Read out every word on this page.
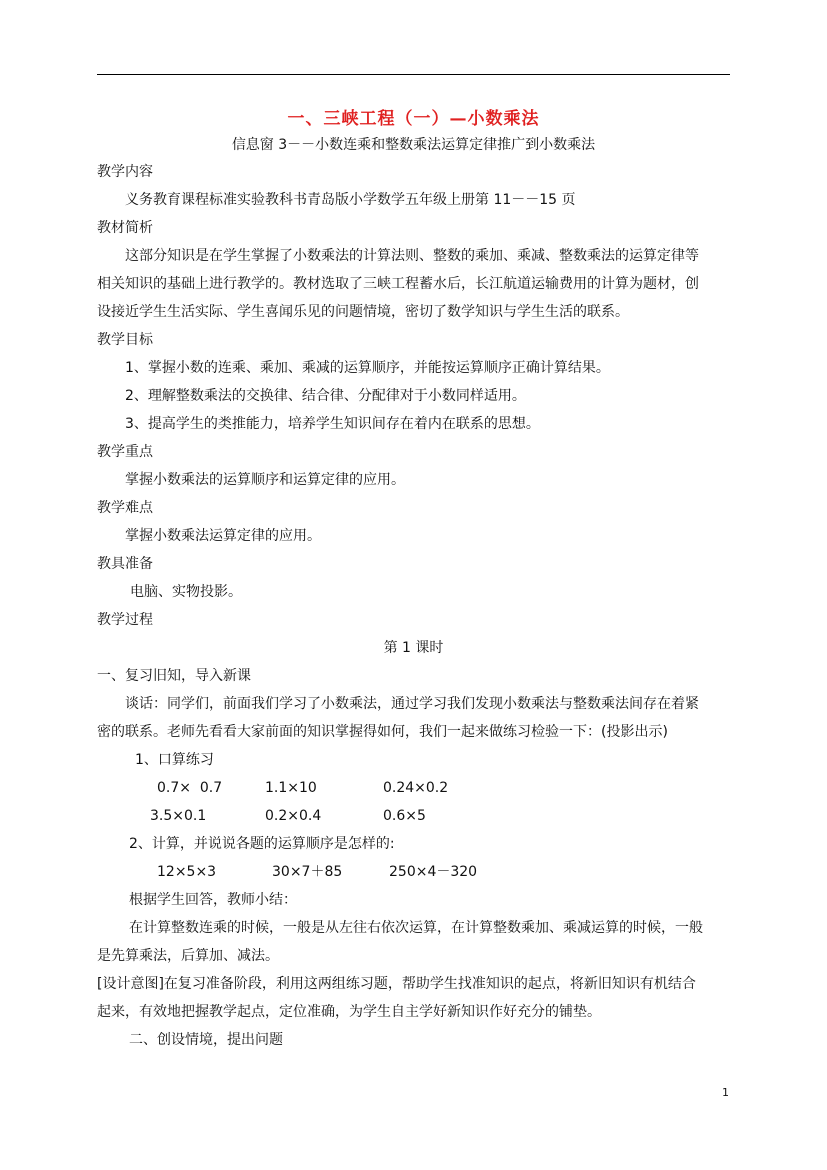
一、三峡工程（一）—小数乘法
信息窗 3－－小数连乘和整数乘法运算定律推广到小数乘法
教学内容
义务教育课程标准实验教科书青岛版小学数学五年级上册第 11－－15 页
教材简析
这部分知识是在学生掌握了小数乘法的计算法则、整数的乘加、乘减、整数乘法的运算定律等
相关知识的基础上进行教学的。教材选取了三峡工程蓄水后，长江航道运输费用的计算为题材，创
设接近学生生活实际、学生喜闻乐见的问题情境，密切了数学知识与学生生活的联系。
教学目标
1、掌握小数的连乘、乘加、乘减的运算顺序，并能按运算顺序正确计算结果。
2、理解整数乘法的交换律、结合律、分配律对于小数同样适用。
3、提高学生的类推能力，培养学生知识间存在着内在联系的思想。
教学重点
掌握小数乘法的运算顺序和运算定律的应用。
教学难点
掌握小数乘法运算定律的应用。
教具准备
电脑、实物投影。
教学过程
第 1 课时
一、复习旧知，导入新课
谈话：同学们，前面我们学习了小数乘法，通过学习我们发现小数乘法与整数乘法间存在着紧
密的联系。老师先看看大家前面的知识掌握得如何，我们一起来做练习检验一下：(投影出示)
1、口算练习
0.7×  0.7	1.1×10	0.24×0.2
3.5×0.1	0.2×0.4	0.6×5
2、计算，并说说各题的运算顺序是怎样的:
12×5×3	30×7＋85	250×4－320
根据学生回答，教师小结：
在计算整数连乘的时候，一般是从左往右依次运算，在计算整数乘加、乘减运算的时候，一般
是先算乘法，后算加、减法。
[设计意图]在复习准备阶段，利用这两组练习题，帮助学生找准知识的起点，将新旧知识有机结合
起来，有效地把握教学起点，定位准确，为学生自主学好新知识作好充分的铺垫。
二、创设情境，提出问题
1
